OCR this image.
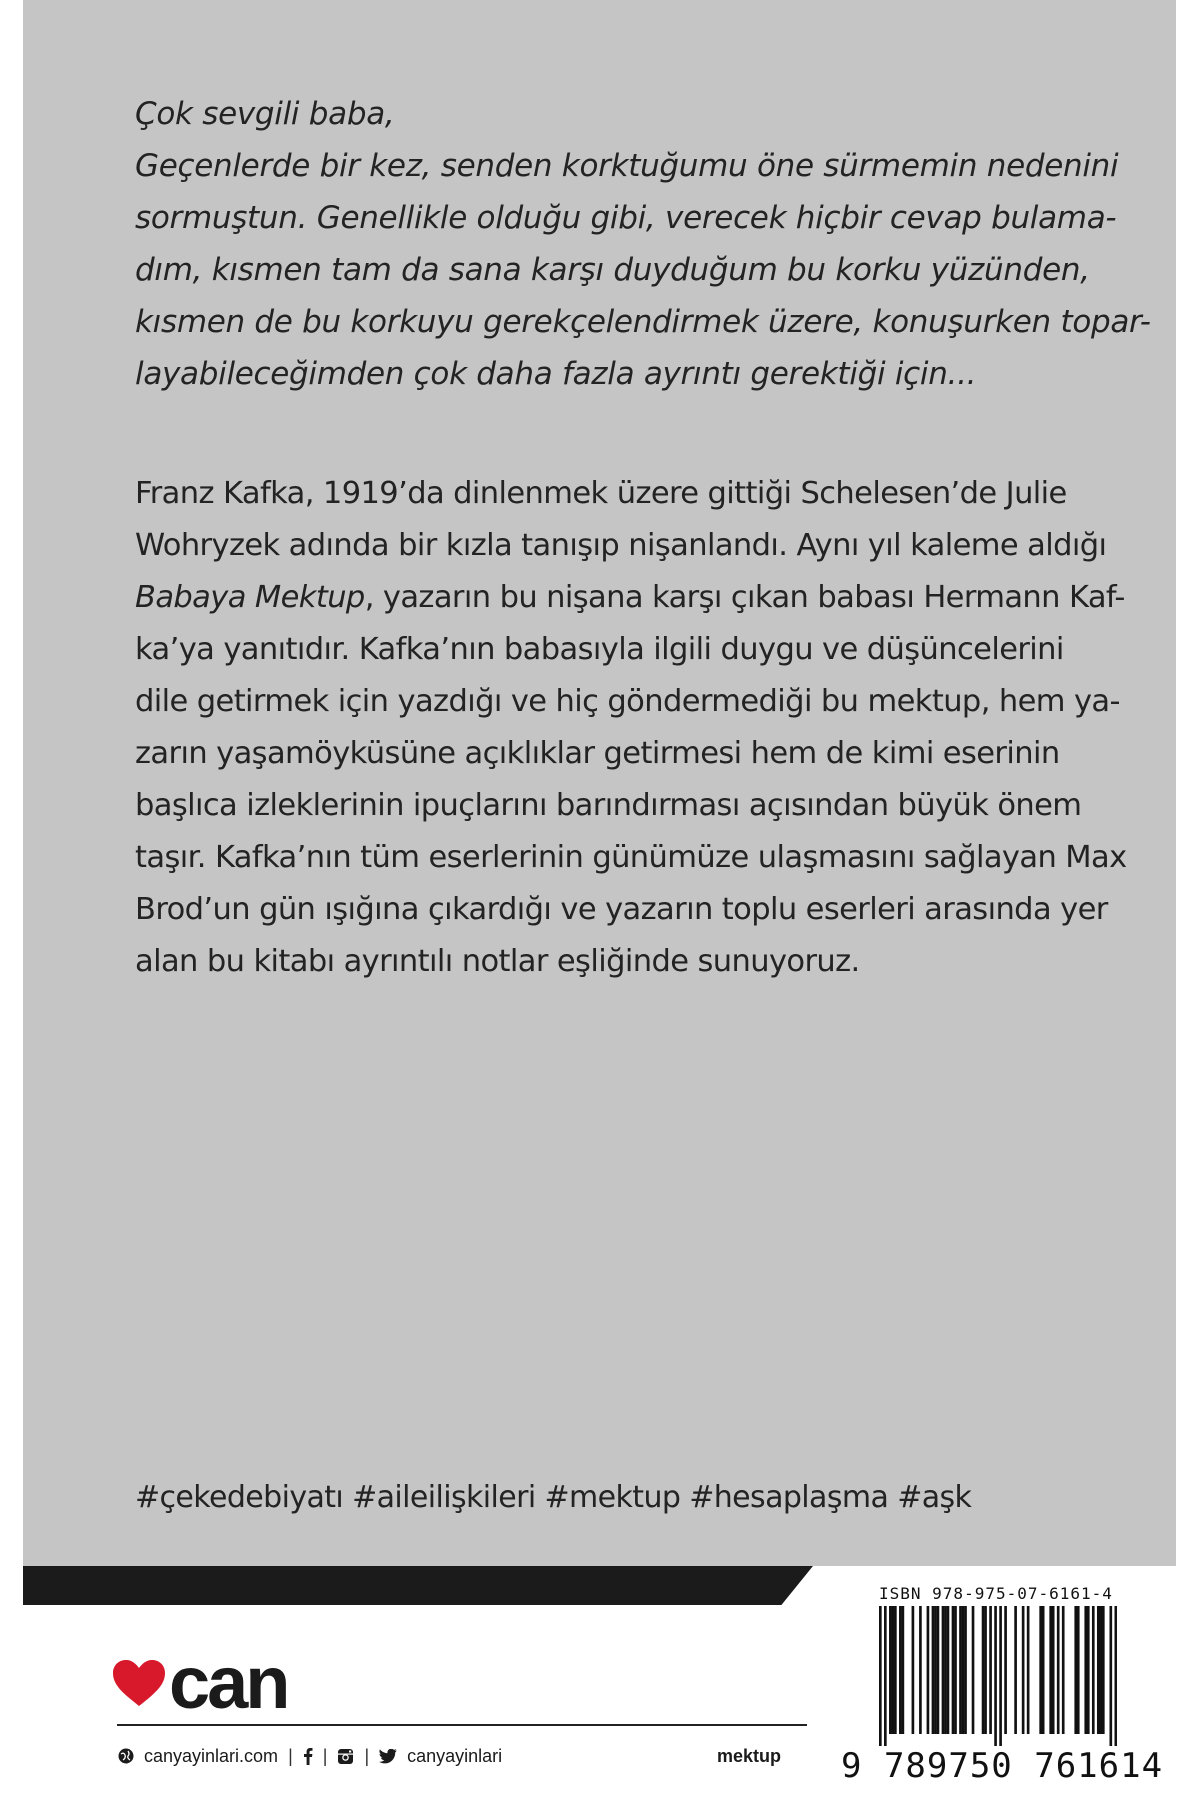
Çok sevgili baba,
Geçenlerde bir kez, senden korktuğumu öne sürmemin nedenini
sormuştun. Genellikle olduğu gibi, verecek hiçbir cevap bulama-
dım, kısmen tam da sana karşı duyduğum bu korku yüzünden,
kısmen de bu korkuyu gerekçelendirmek üzere, konuşurken topar-
layabileceğimden çok daha fazla ayrıntı gerektiği için...
Franz Kafka, 1919’da dinlenmek üzere gittiği Schelesen’de Julie
Wohryzek adında bir kızla tanışıp nişanlandı. Aynı yıl kaleme aldığı
Babaya Mektup, yazarın bu nişana karşı çıkan babası Hermann Kaf-
ka’ya yanıtıdır. Kafka’nın babasıyla ilgili duygu ve düşüncelerini
dile getirmek için yazdığı ve hiç göndermediği bu mektup, hem ya-
zarın yaşamöyküsüne açıklıklar getirmesi hem de kimi eserinin
başlıca izleklerinin ipuçlarını barındırması açısından büyük önem
taşır. Kafka’nın tüm eserlerinin günümüze ulaşmasını sağlayan Max
Brod’un gün ışığına çıkardığı ve yazarın toplu eserleri arasında yer
alan bu kitabı ayrıntılı notlar eşliğinde sunuyoruz.
#çekedebiyatı #aileilişkileri #mektup #hesaplaşma #aşk
can
canyayinlari.com | | | canyayinlari	mektup
ISBN 978-975-07-6161-4
9 789750 761614
